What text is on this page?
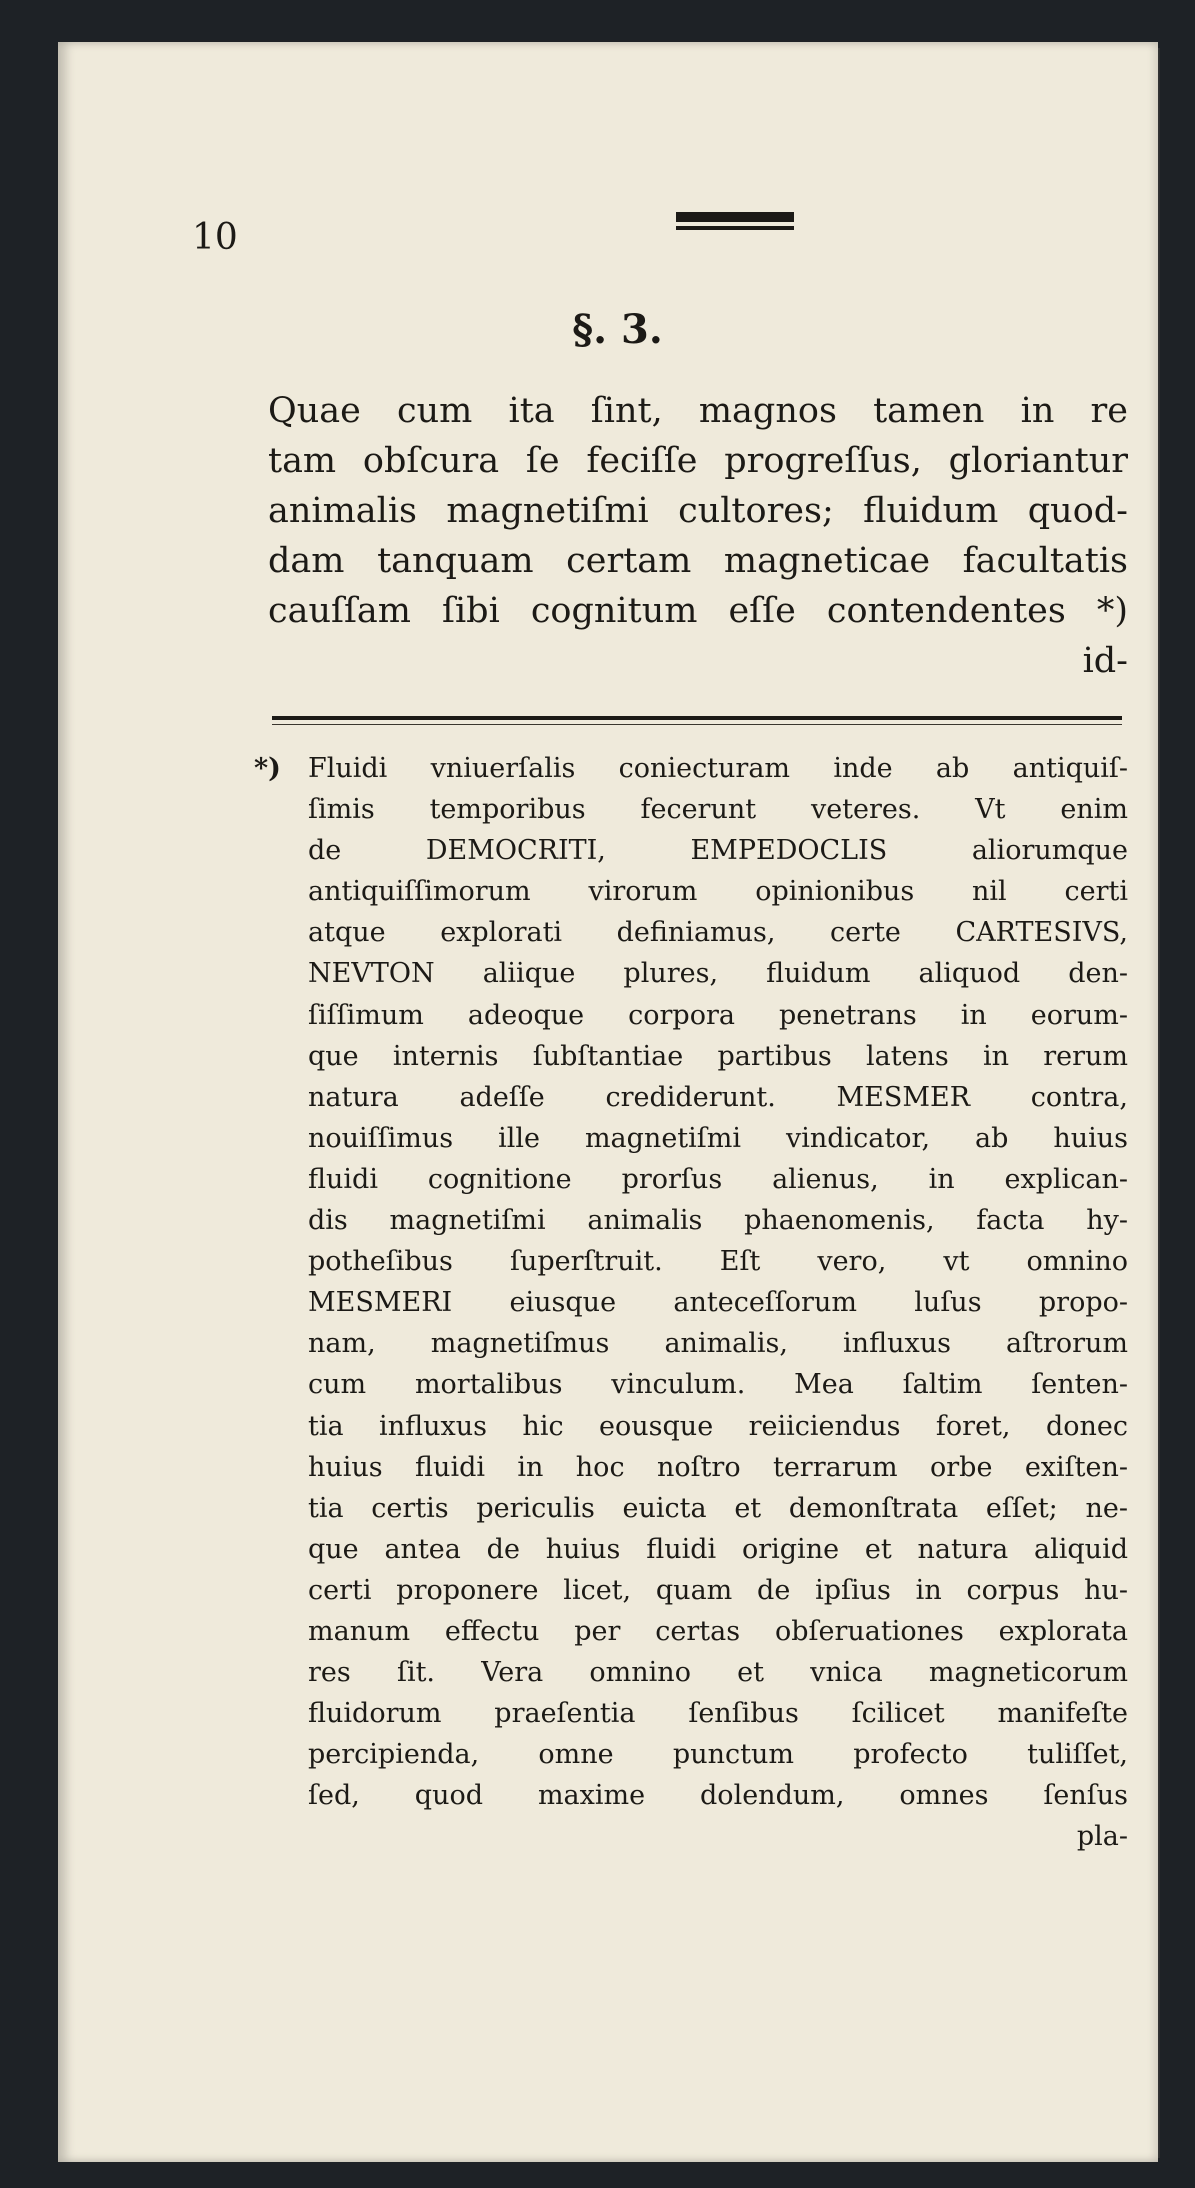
10
§. 3.
Quae cum ita ſint, magnos tamen in re
tam obſcura ſe feciſſe progreſſus, gloriantur
animalis magnetiſmi cultores; fluidum quod-
dam tanquam certam magneticae facultatis
cauſſam ſibi cognitum eſſe contendentes *)
id-
*) Fluidi vniuerſalis coniecturam inde ab antiquiſ-
ſimis temporibus fecerunt veteres. Vt enim
de DEMOCRITI, EMPEDOCLIS aliorumque
antiquiſſimorum virorum opinionibus nil certi
atque explorati definiamus, certe CARTESIVS,
NEVTON aliique plures, fluidum aliquod den-
ſiſſimum adeoque corpora penetrans in eorum-
que internis ſubſtantiae partibus latens in rerum
natura adeſſe crediderunt. MESMER contra,
nouiſſimus ille magnetiſmi vindicator, ab huius
fluidi cognitione prorſus alienus, in explican-
dis magnetiſmi animalis phaenomenis, facta hy-
potheſibus ſuperſtruit. Eſt vero, vt omnino
MESMERI eiusque anteceſſorum luſus propo-
nam, magnetiſmus animalis, influxus aſtrorum
cum mortalibus vinculum. Mea ſaltim ſenten-
tia influxus hic eousque reiiciendus foret, donec
huius fluidi in hoc noſtro terrarum orbe exiſten-
tia certis periculis euicta et demonſtrata eſſet; ne-
que antea de huius fluidi origine et natura aliquid
certi proponere licet, quam de ipſius in corpus hu-
manum effectu per certas obſeruationes explorata
res ſit. Vera omnino et vnica magneticorum
fluidorum praeſentia ſenſibus ſcilicet manifeſte
percipienda, omne punctum profecto tuliſſet,
ſed, quod maxime dolendum, omnes ſenſus
pla-
